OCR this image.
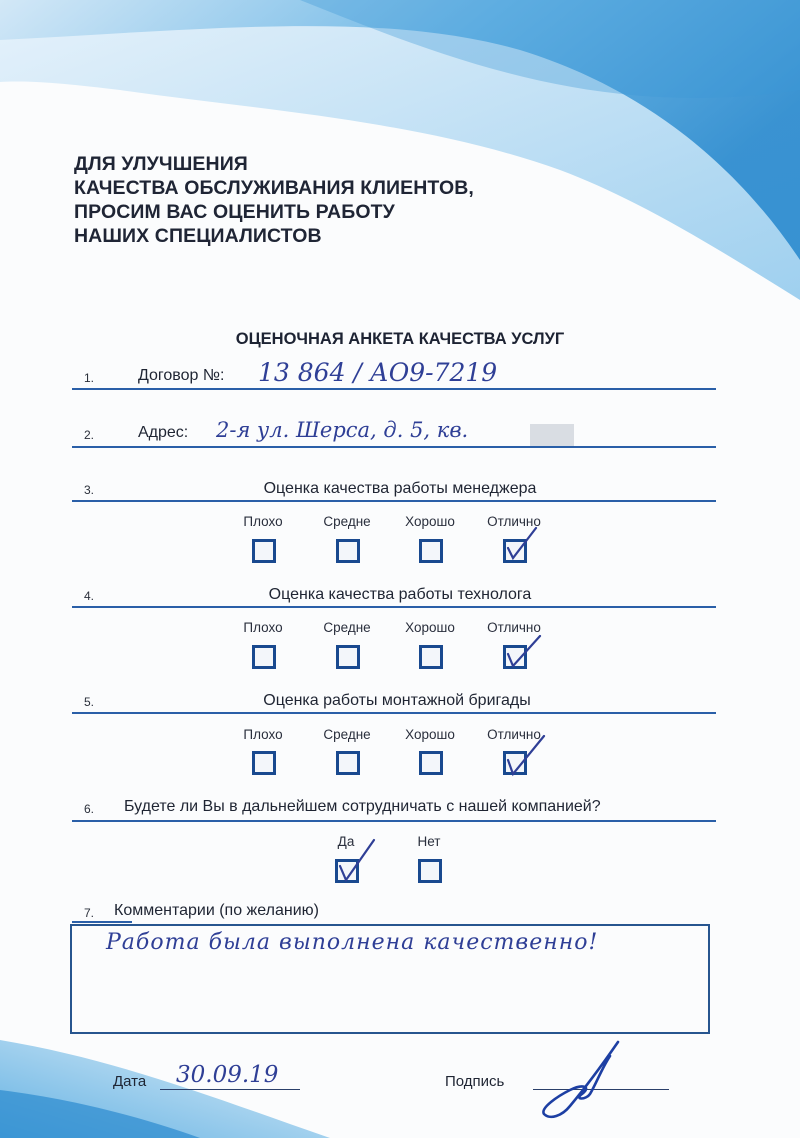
ДЛЯ УЛУЧШЕНИЯ
КАЧЕСТВА ОБСЛУЖИВАНИЯ КЛИЕНТОВ,
ПРОСИМ ВАС ОЦЕНИТЬ РАБОТУ
НАШИХ СПЕЦИАЛИСТОВ
ОЦЕНОЧНАЯ АНКЕТА КАЧЕСТВА УСЛУГ
1.	Договор №: 13 864 / АО9-7219
2.	Адрес: 2-я ул. Шерса, д. 5, кв.
3.	Оценка качества работы менеджера
Плохо	Средне	Хорошо	Отлично
4.	Оценка качества работы технолога
Плохо	Средне	Хорошо	Отлично
5.	Оценка работы монтажной бригады
Плохо	Средне	Хорошо	Отлично
6. Будете ли Вы в дальнейшем сотрудничать с нашей компанией?
Да	Нет
7. Комментарии (по желанию)
Работа была выполнена качественно!
Дата 30.09.19	Подпись
